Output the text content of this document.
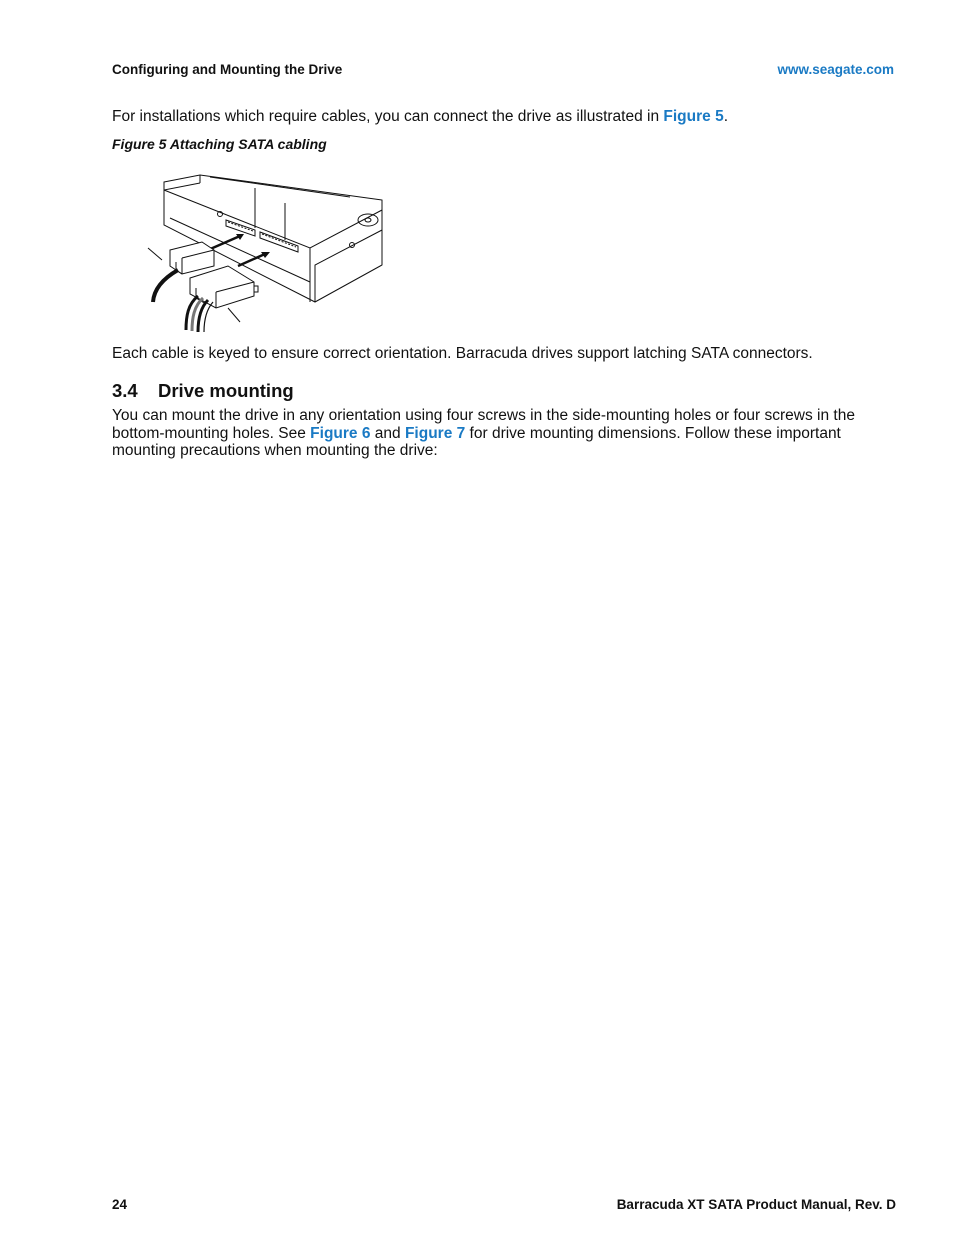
Configuring and Mounting the Drive	www.seagate.com
For installations which require cables, you can connect the drive as illustrated in Figure 5.
Figure 5 Attaching SATA cabling
Each cable is keyed to ensure correct orientation. Barracuda drives support latching SATA connectors.
3.4 Drive mounting
You can mount the drive in any orientation using four screws in the side-mounting holes or four screws in the bottom-mounting holes. See Figure 6 and Figure 7 for drive mounting dimensions. Follow these important mounting precautions when mounting the drive:
24	Barracuda XT SATA Product Manual, Rev. D
